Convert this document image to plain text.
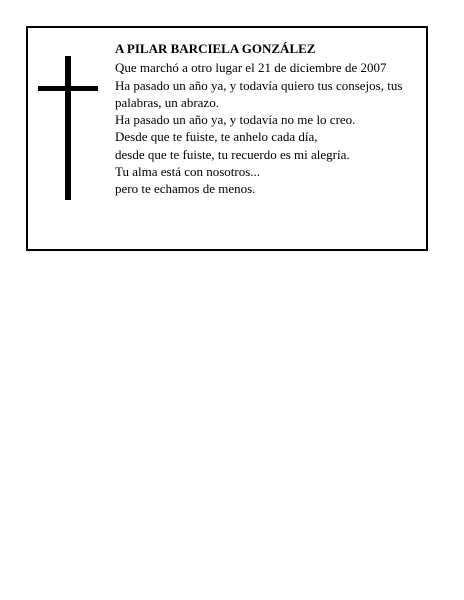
A PILAR BARCIELA GONZÁLEZ
Que marchó a otro lugar el 21 de diciembre de 2007
Ha pasado un año ya, y todavía quiero tus consejos, tus palabras, un abrazo.
Ha pasado un año ya, y todavía no me lo creo.
Desde que te fuiste, te anhelo cada día,
desde que te fuiste, tu recuerdo es mi alegría.
Tu alma está con nosotros...
pero te echamos de menos.
